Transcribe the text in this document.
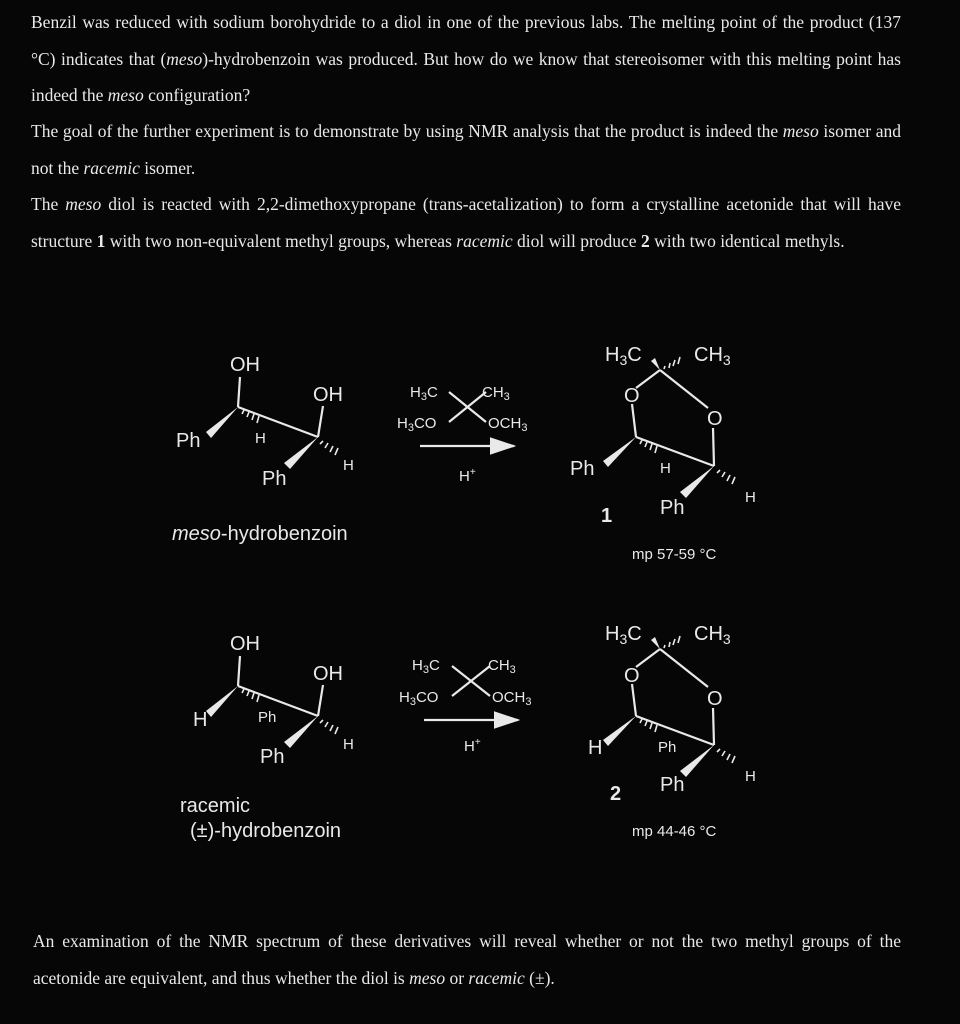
Benzil was reduced with sodium borohydride to a diol in one of the previous labs. The melting point of the product (137 °C) indicates that (meso)-hydrobenzoin was produced. But how do we know that stereoisomer with this melting point has indeed the meso configuration?

The goal of the further experiment is to demonstrate by using NMR analysis that the product is indeed the meso isomer and not the racemic isomer.

The meso diol is reacted with 2,2-dimethoxypropane (trans-acetalization) to form a crystalline acetonide that will have structure 1 with two non-equivalent methyl groups, whereas racemic diol will produce 2 with two identical methyls.

OH
OH
Ph	H
Ph
H
meso-hydrobenzoin
$H_3C$	$CH_3$
$H_3CO$	$OCH_3$
H+
$H_3C$	$CH_3$
O
O
Ph	H
Ph	H
1
mp 57-59 °C
OH
OH
H	Ph
Ph
H
racemic
(±)-hydrobenzoin
$H_3C$	$CH_3$
$H_3CO$	$OCH_3$
H+
$H_3C$	$CH_3$
O
O
H	Ph
Ph	H
2
mp 44-46 °C

An examination of the NMR spectrum of these derivatives will reveal whether or not the two methyl groups of the acetonide are equivalent, and thus whether the diol is meso or racemic (±).
